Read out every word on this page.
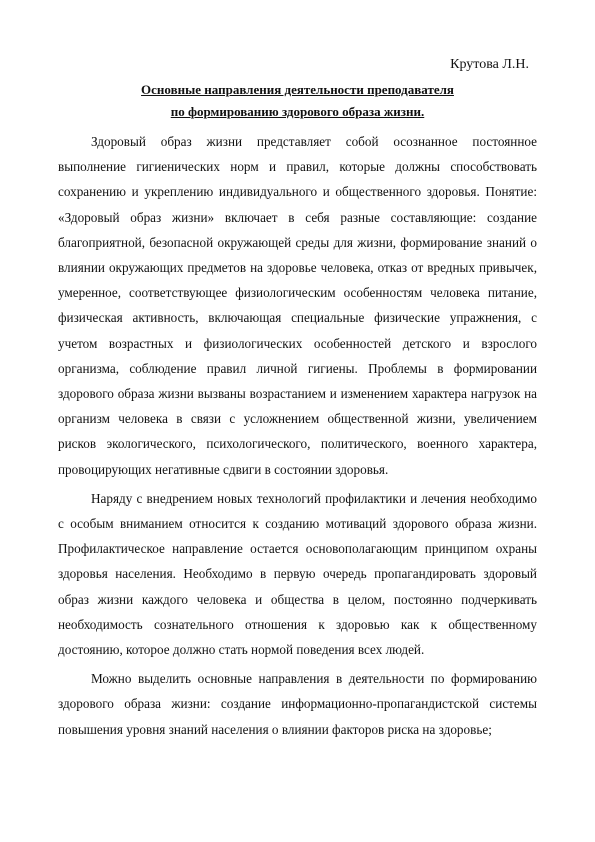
Крутова Л.Н.

Основные направления деятельности преподавателя

по формированию здорового образа жизни.

Здоровый образ жизни представляет собой осознанное постоянное выполнение гигиенических норм и правил, которые должны способствовать сохранению и укреплению индивидуального и общественного здоровья. Понятие: «Здоровый образ жизни» включает в себя разные составляющие: создание благоприятной, безопасной окружающей среды для жизни, формирование знаний о влиянии окружающих предметов на здоровье человека, отказ от вредных привычек, умеренное, соответствующее физиологическим особенностям человека питание, физическая активность, включающая специальные физические упражнения, с учетом возрастных и физиологических особенностей детского и взрослого организма, соблюдение правил личной гигиены. Проблемы в формировании здорового образа жизни вызваны возрастанием и изменением характера нагрузок на организм человека в связи с усложнением общественной жизни, увеличением рисков экологического, психологического, политического, военного характера, провоцирующих негативные сдвиги в состоянии здоровья.

Наряду с внедрением новых технологий профилактики и лечения необходимо с особым вниманием относится к созданию мотиваций здорового образа жизни. Профилактическое направление остается основополагающим принципом охраны здоровья населения. Необходимо в первую очередь пропагандировать здоровый образ жизни каждого человека и общества в целом, постоянно подчеркивать необходимость сознательного отношения к здоровью как к общественному достоянию, которое должно стать нормой поведения всех людей.

Можно выделить основные направления в деятельности по формированию здорового образа жизни: создание информационно-пропагандистской системы повышения уровня знаний населения о влиянии факторов риска на здоровье;
